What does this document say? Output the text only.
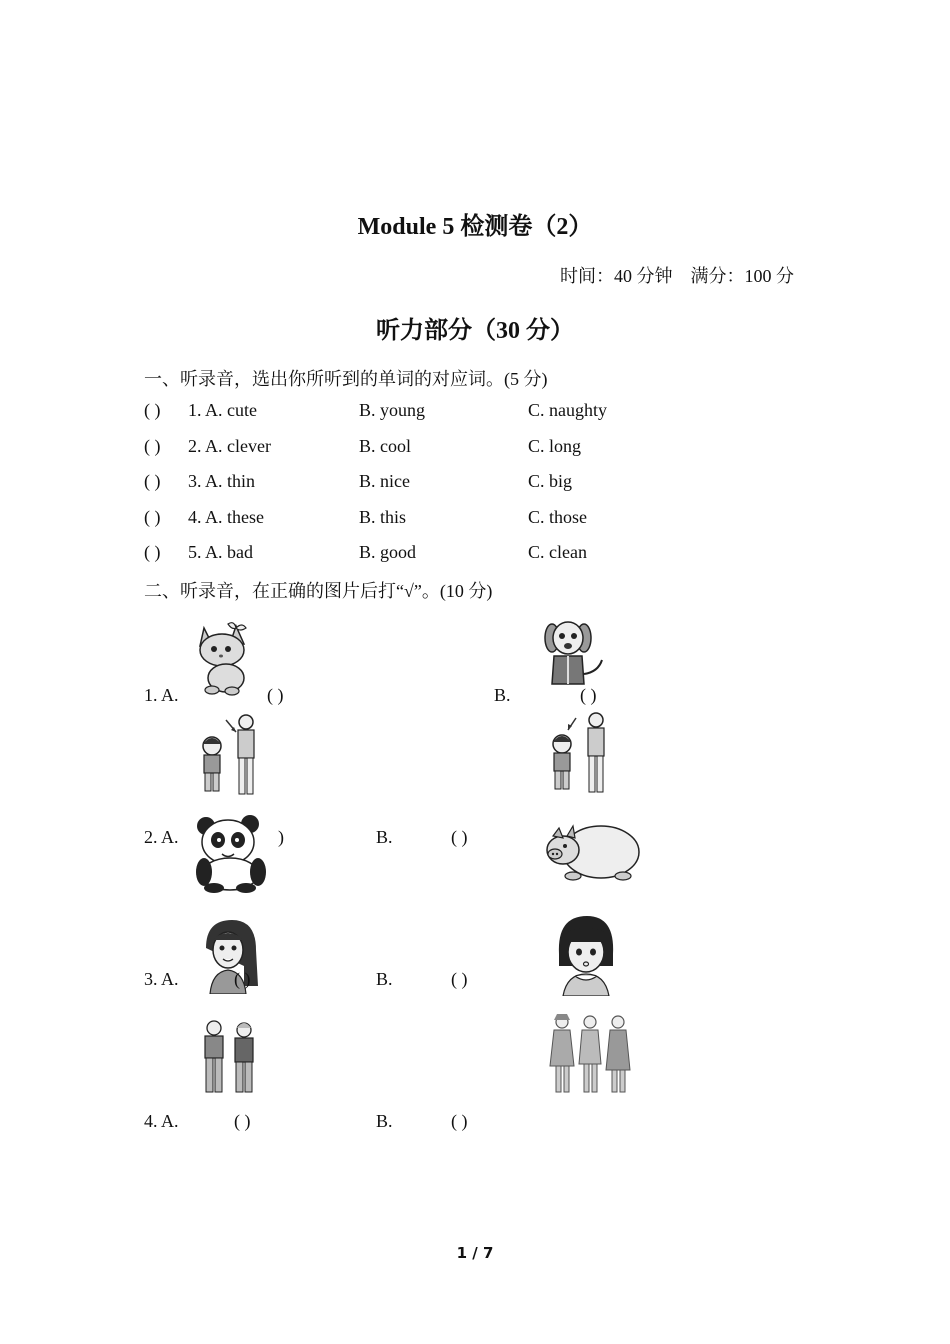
Module 5 检测卷（2）
时间：40 分钟 满分：100 分
听力部分（30 分）
一、听录音，选出你所听到的单词的对应词。(5 分)
( ) 1. A. cute	B. young	C. naughty
( ) 2. A. clever	B. cool	C. long
( ) 3. A. thin	B. nice	C. big
( ) 4. A. these	B. this	C. those
( ) 5. A. bad	B. good	C. clean
二、听录音，在正确的图片后打“√”。(10 分)
1. A.	( )	B.	( )
2. A.	)	B.	( )
3. A.	( )	B.	( )
4. A.	( )	B.	( )
1 / 7
